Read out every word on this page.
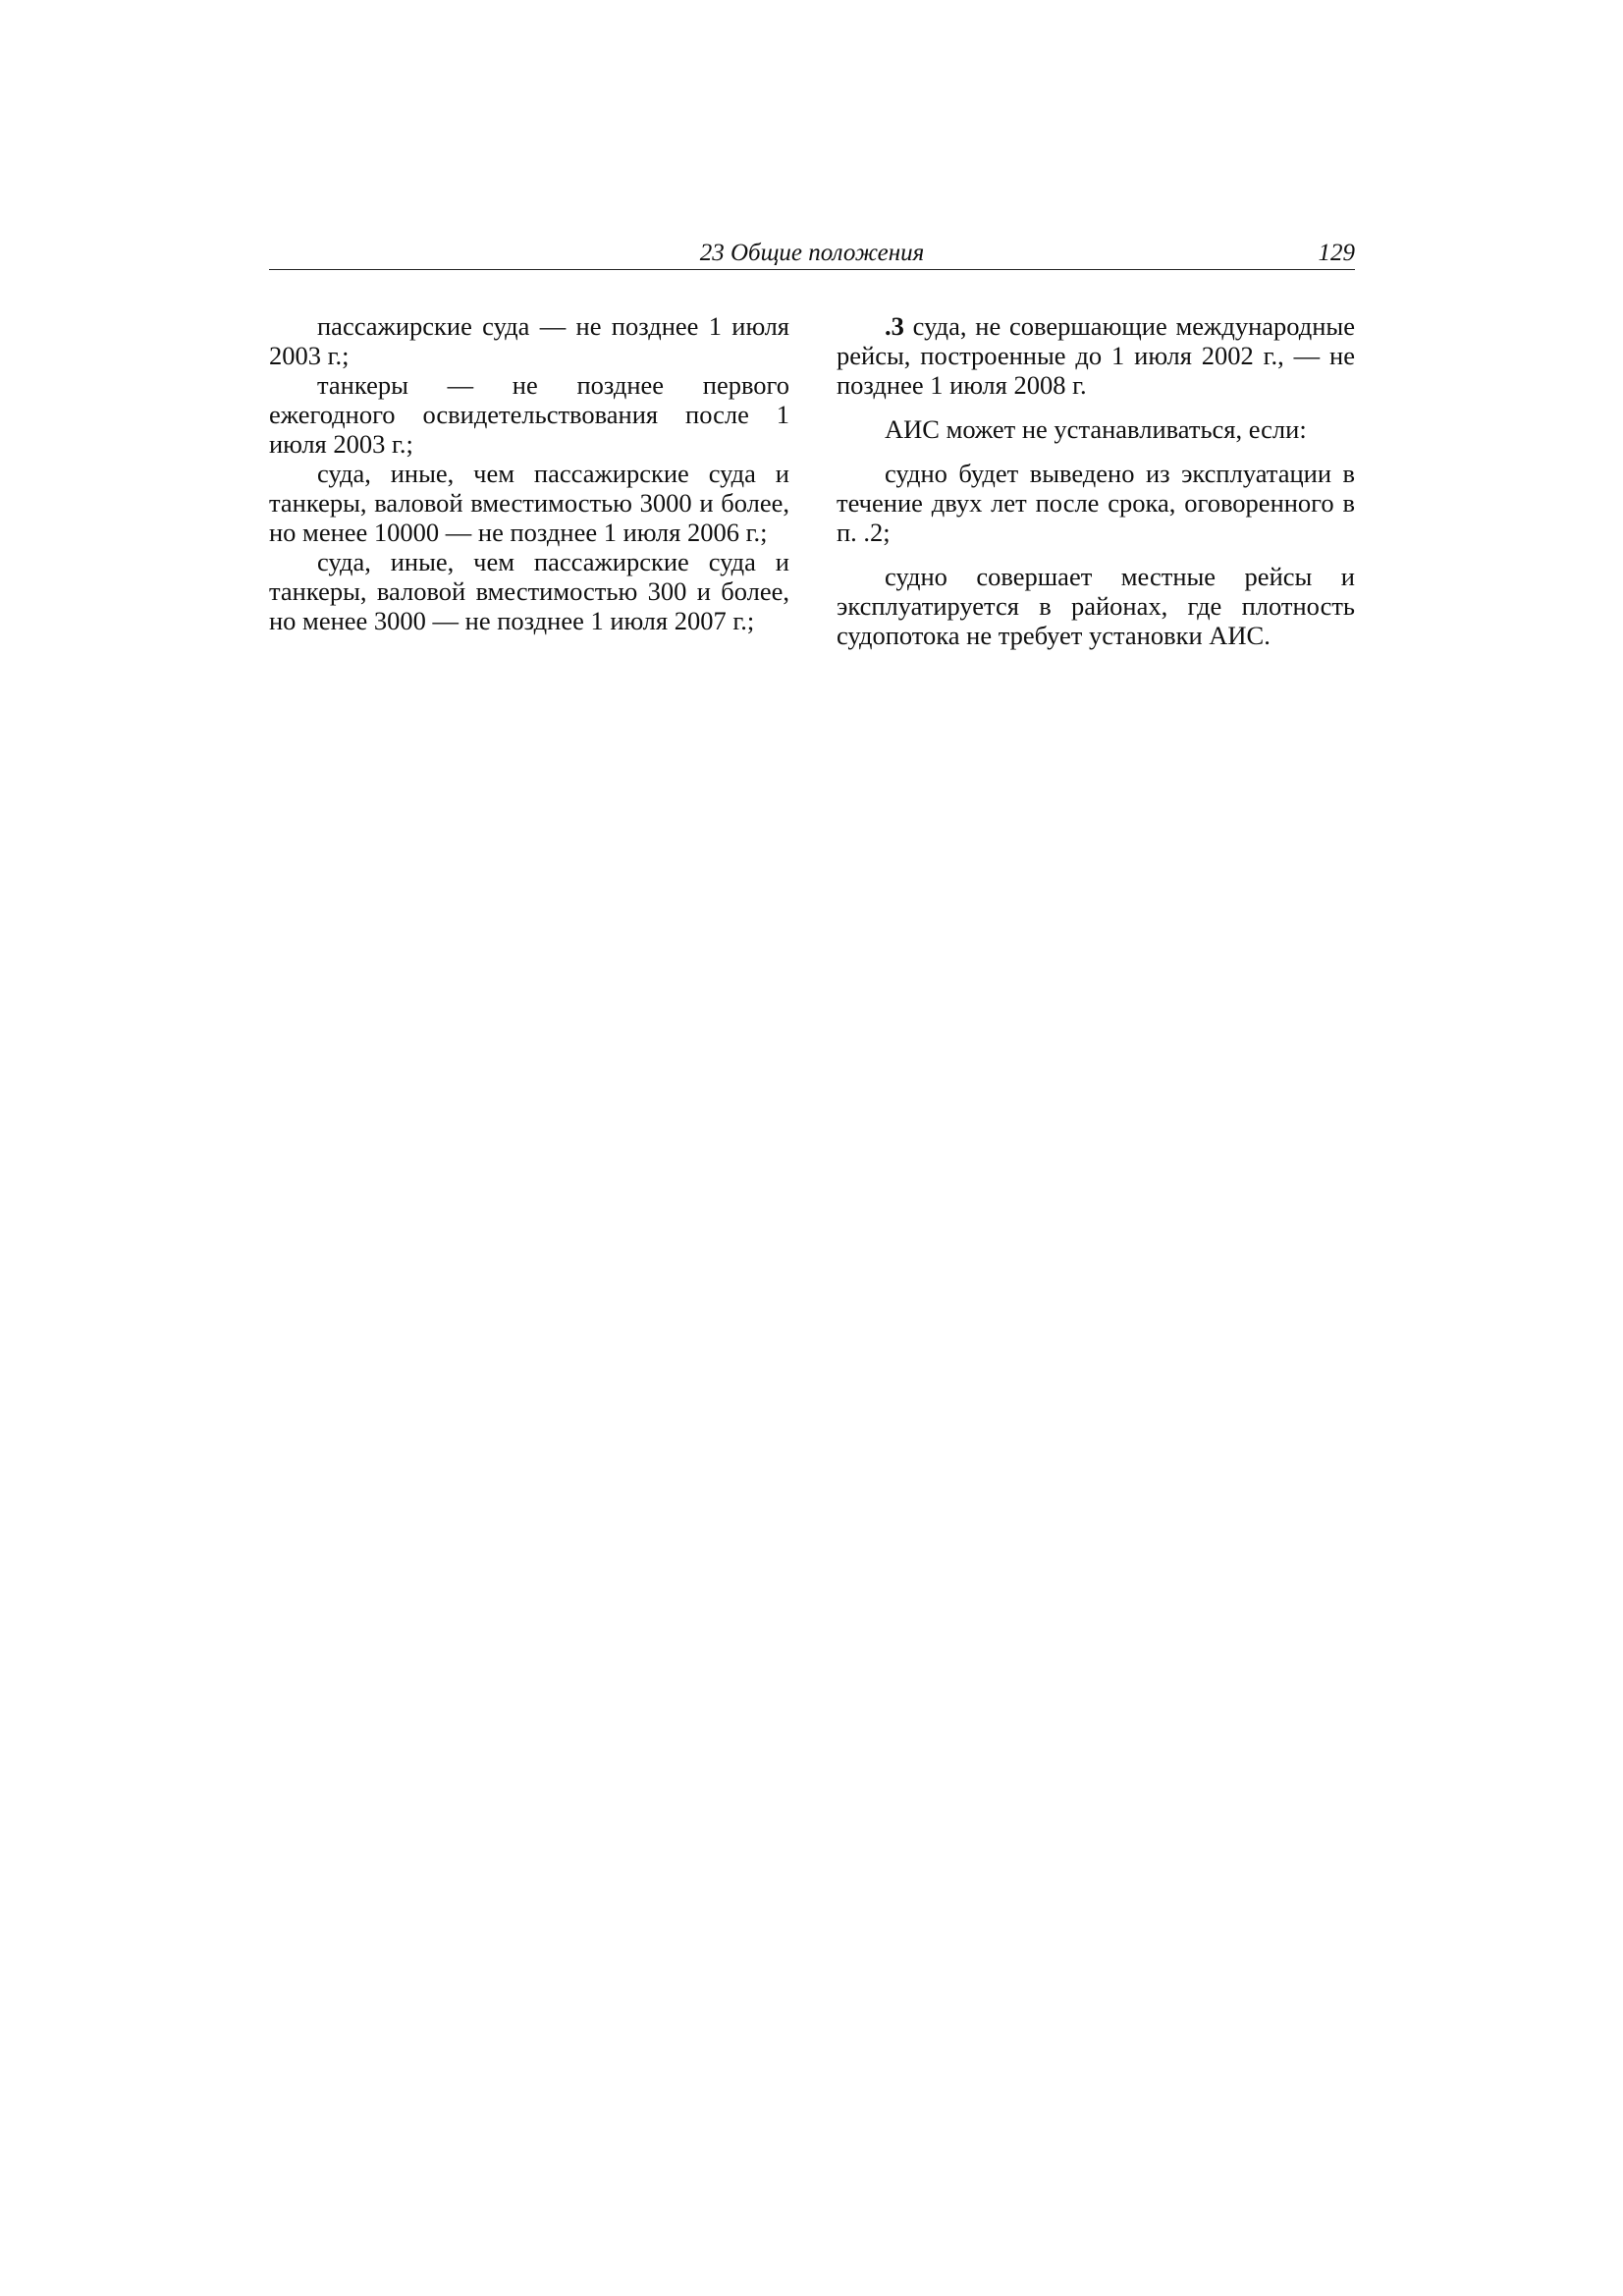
23 Общие положения	129

пассажирские суда — не позднее 1 июля 2003 г.;

танкеры — не позднее первого ежегодного освидетельствования после 1 июля 2003 г.;

суда, иные, чем пассажирские суда и танкеры, валовой вместимостью 3000 и более, но менее 10000 — не позднее 1 июля 2006 г.;

суда, иные, чем пассажирские суда и танкеры, валовой вместимостью 300 и более, но менее 3000 — не позднее 1 июля 2007 г.;

.3 суда, не совершающие международные рейсы, построенные до 1 июля 2002 г., — не позднее 1 июля 2008 г.

АИС может не устанавливаться, если:

судно будет выведено из эксплуатации в течение двух лет после срока, оговоренного в п. .2;

судно совершает местные рейсы и эксплуатируется в районах, где плотность судопотока не требует установки АИС.
